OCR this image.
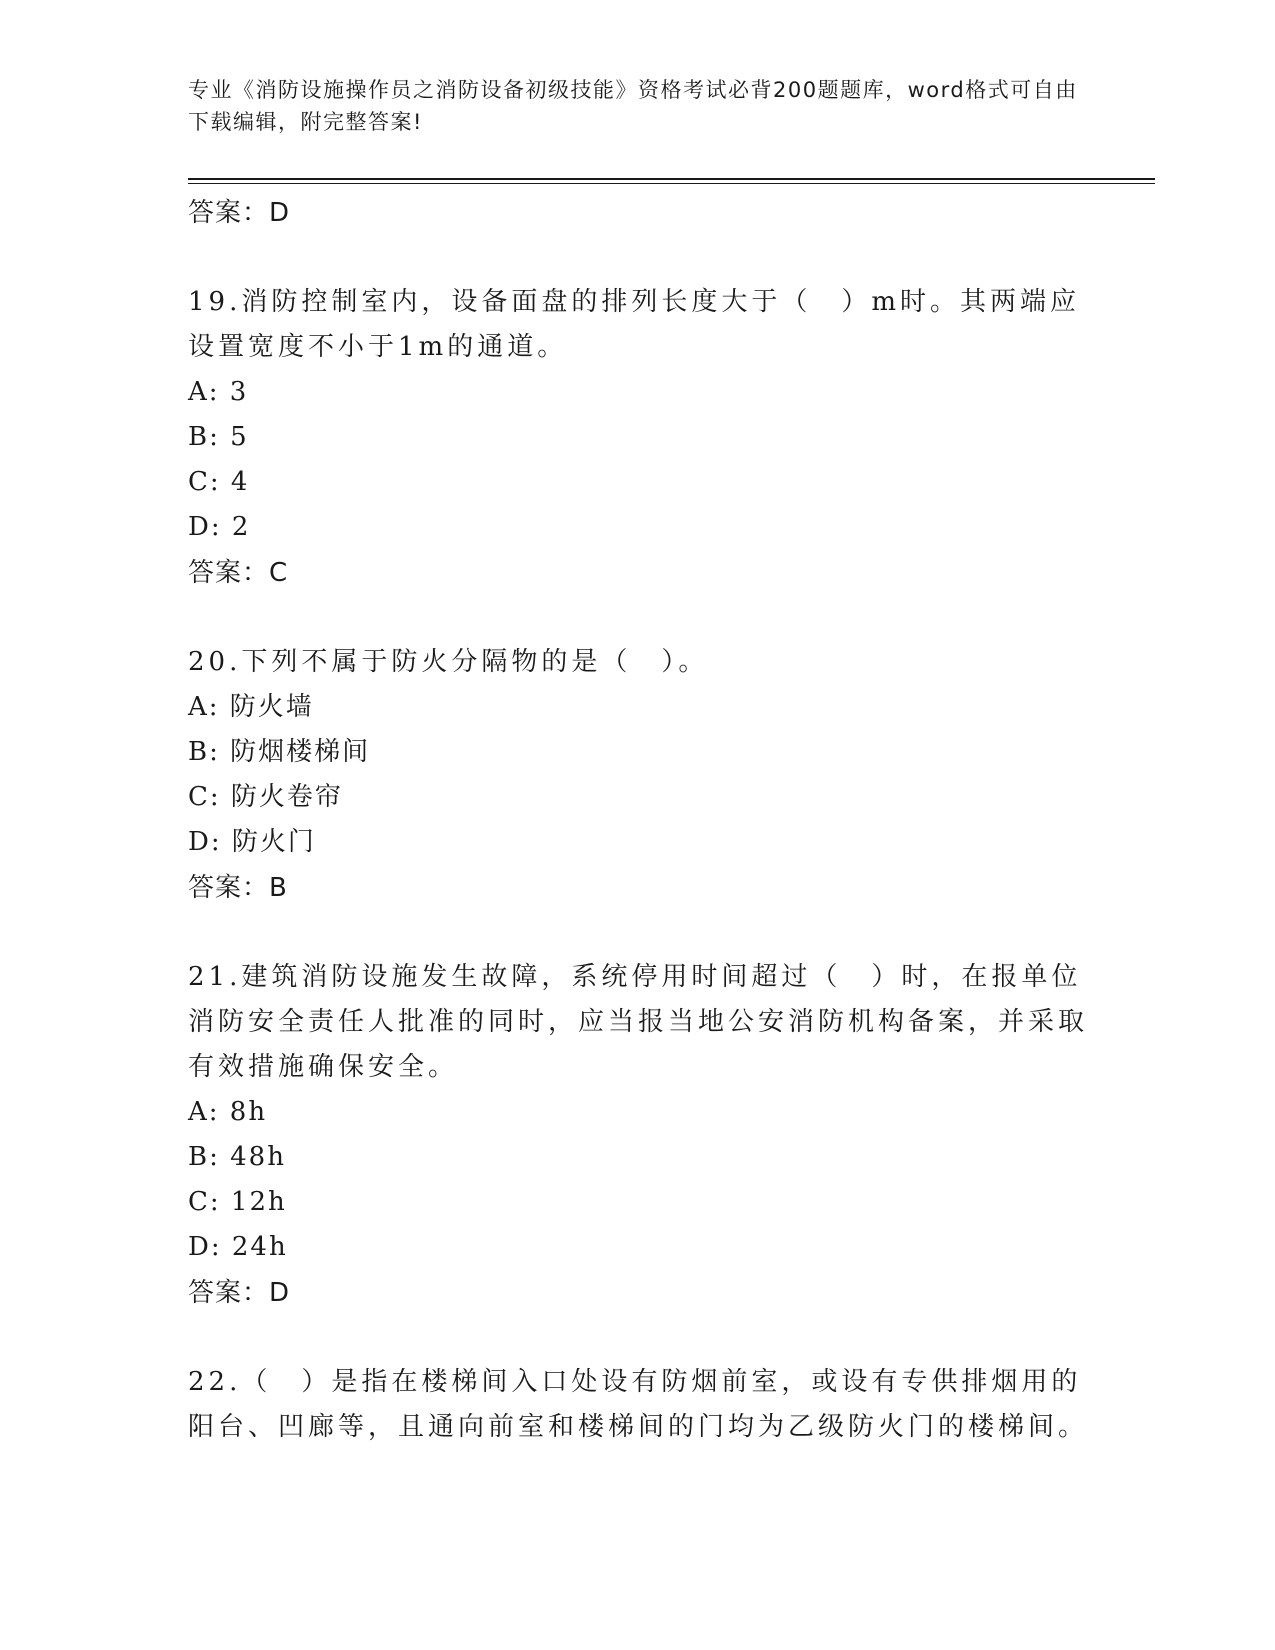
专业《消防设施操作员之消防设备初级技能》资格考试必背200题题库，word格式可自由下载编辑，附完整答案!
答案：D
19.消防控制室内，设备面盘的排列长度大于（　）m时。其两端应设置宽度不小于1m的通道。
A: 3
B: 5
C: 4
D: 2
答案：C
20.下列不属于防火分隔物的是（　）。
A: 防火墙
B: 防烟楼梯间
C: 防火卷帘
D: 防火门
答案：B
21.建筑消防设施发生故障，系统停用时间超过（　）时，在报单位消防安全责任人批准的同时，应当报当地公安消防机构备案，并采取有效措施确保安全。
A: 8h
B: 48h
C: 12h
D: 24h
答案：D
22.（　）是指在楼梯间入口处设有防烟前室，或设有专供排烟用的阳台、凹廊等，且通向前室和楼梯间的门均为乙级防火门的楼梯间。
